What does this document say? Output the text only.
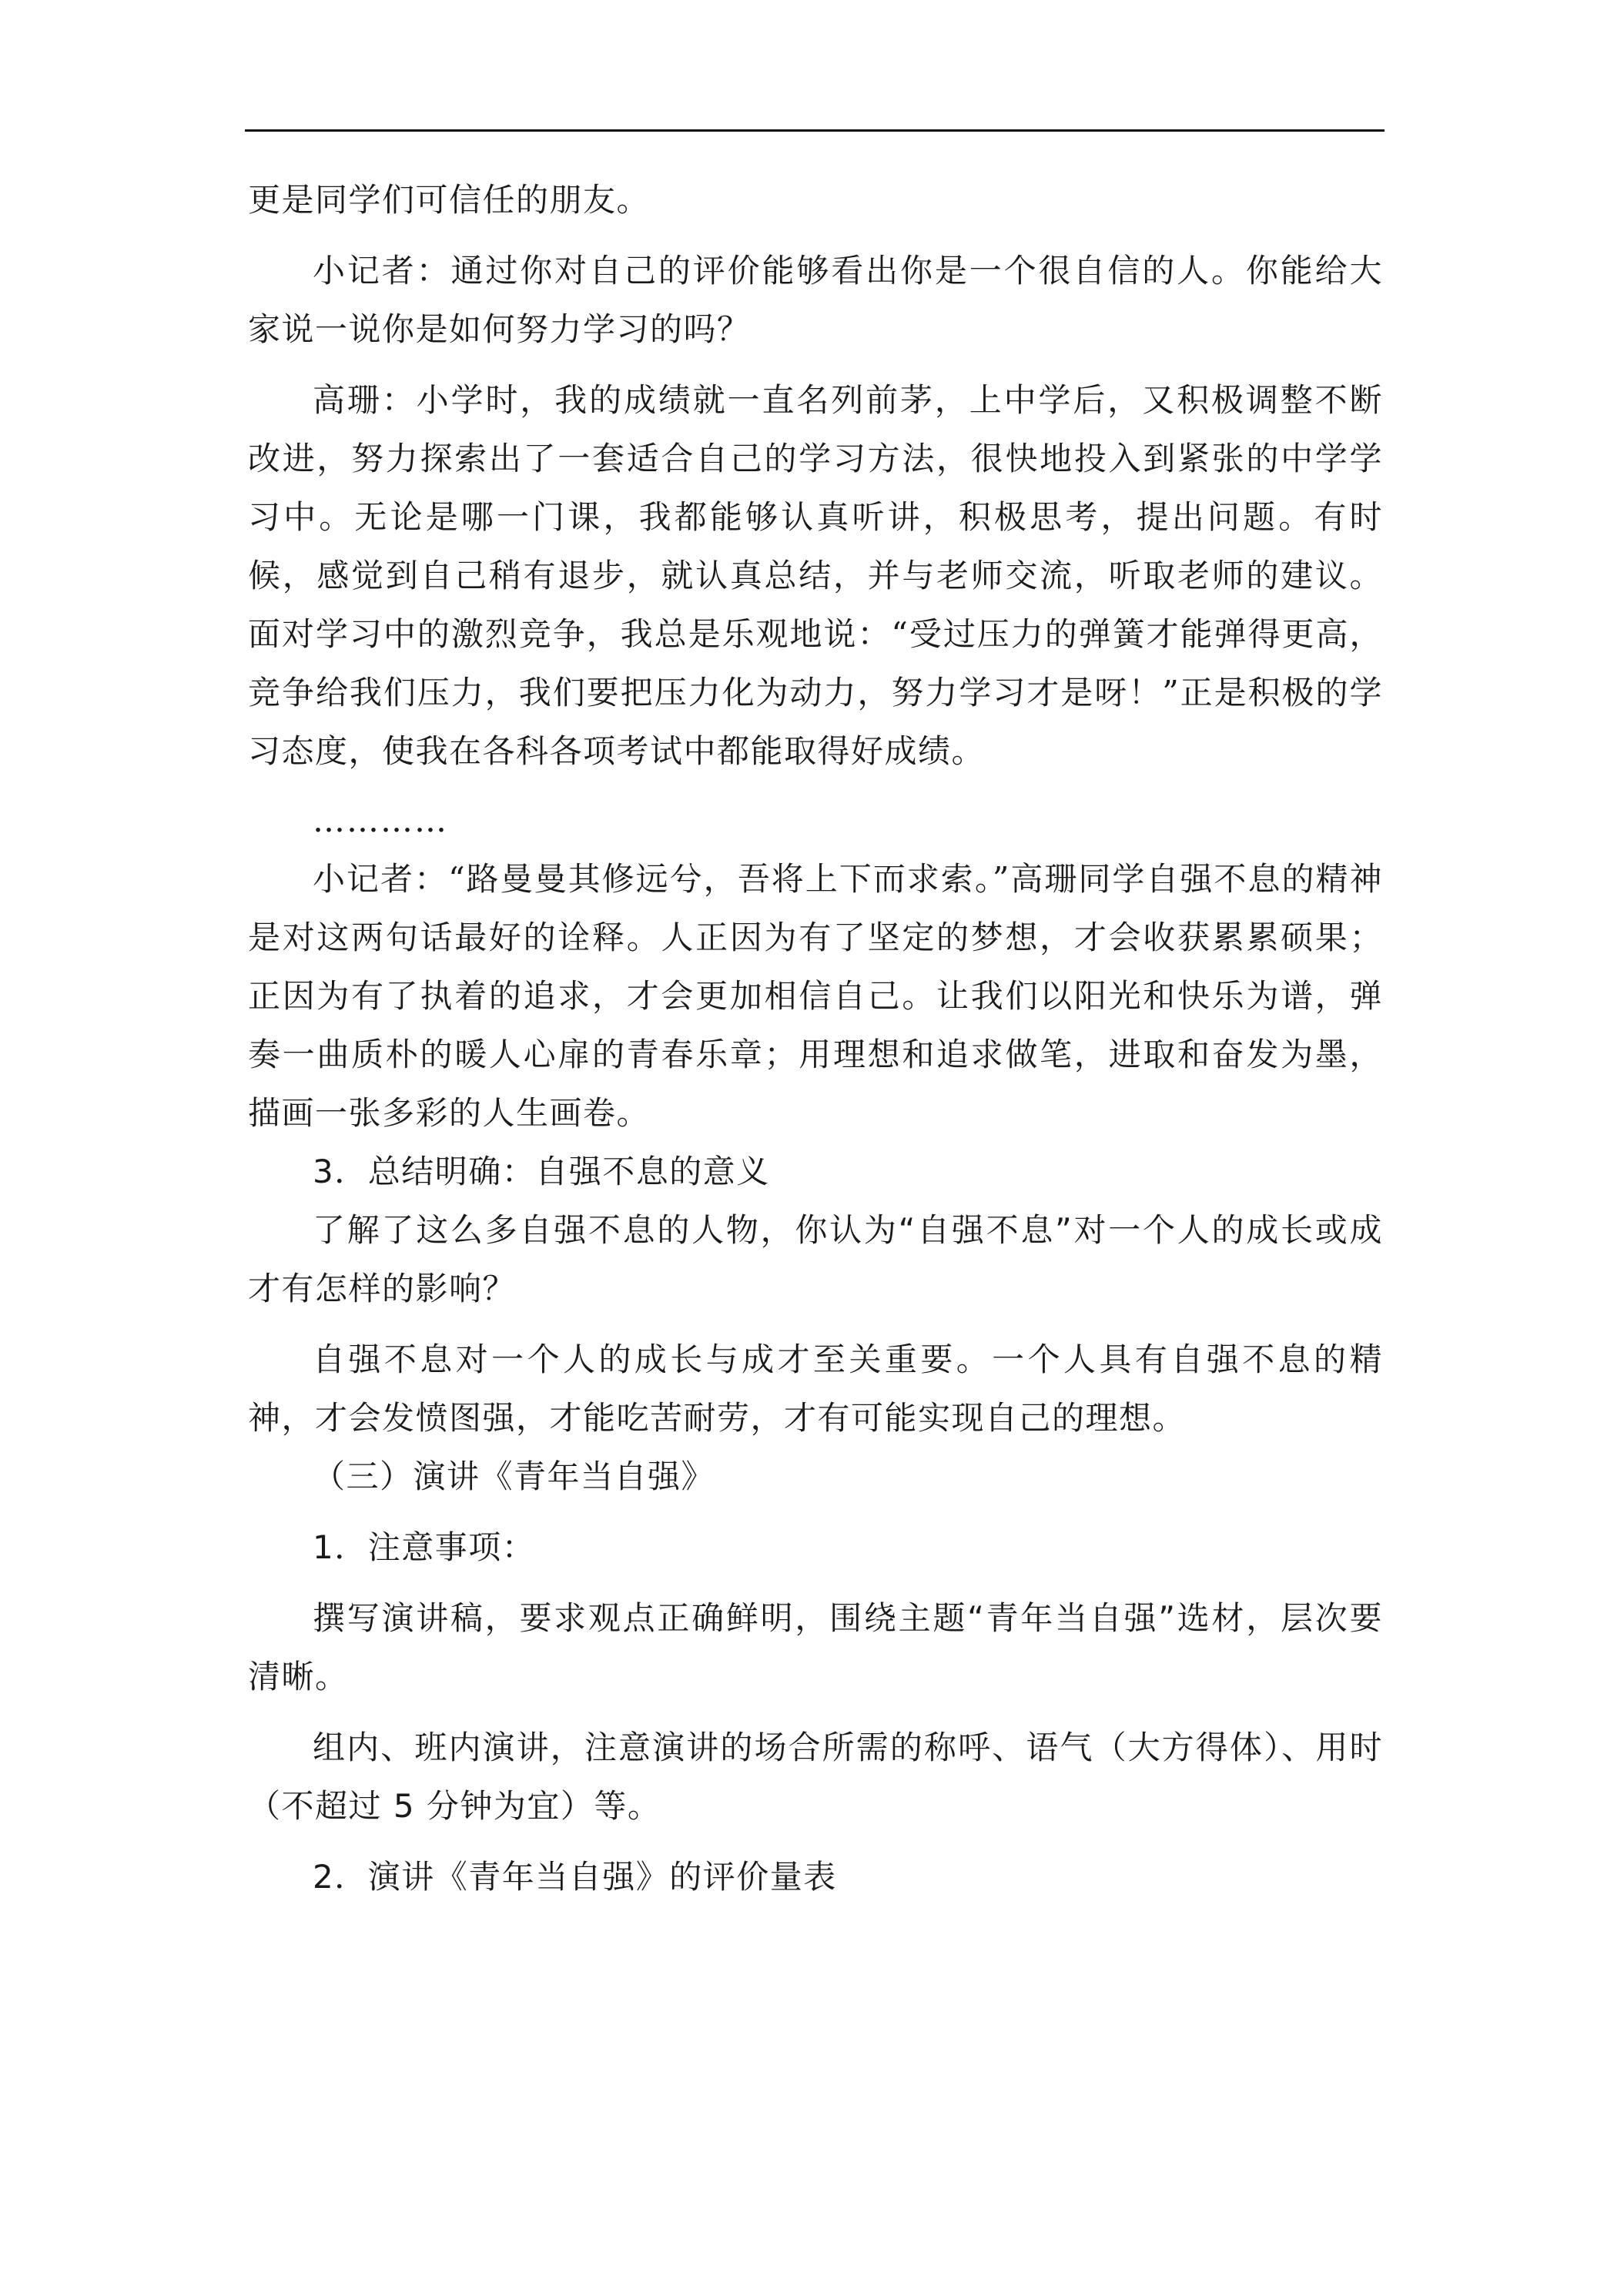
更是同学们可信任的朋友。

小记者：通过你对自己的评价能够看出你是一个很自信的人。你能给大家说一说你是如何努力学习的吗？

高珊：小学时，我的成绩就一直名列前茅，上中学后，又积极调整不断改进，努力探索出了一套适合自己的学习方法，很快地投入到紧张的中学学习中。无论是哪一门课，我都能够认真听讲，积极思考，提出问题。有时候，感觉到自己稍有退步，就认真总结，并与老师交流，听取老师的建议。面对学习中的激烈竞争，我总是乐观地说：“受过压力的弹簧才能弹得更高，竞争给我们压力，我们要把压力化为动力，努力学习才是呀！”正是积极的学习态度，使我在各科各项考试中都能取得好成绩。

…………

小记者：“路曼曼其修远兮，吾将上下而求索。”高珊同学自强不息的精神是对这两句话最好的诠释。人正因为有了坚定的梦想，才会收获累累硕果；正因为有了执着的追求，才会更加相信自己。让我们以阳光和快乐为谱，弹奏一曲质朴的暖人心扉的青春乐章；用理想和追求做笔，进取和奋发为墨，描画一张多彩的人生画卷。

3．总结明确：自强不息的意义

了解了这么多自强不息的人物，你认为“自强不息”对一个人的成长或成才有怎样的影响？

自强不息对一个人的成长与成才至关重要。一个人具有自强不息的精神，才会发愤图强，才能吃苦耐劳，才有可能实现自己的理想。

（三）演讲《青年当自强》

1．注意事项：

撰写演讲稿，要求观点正确鲜明，围绕主题“青年当自强”选材，层次要清晰。

组内、班内演讲，注意演讲的场合所需的称呼、语气（大方得体）、用时（不超过 5 分钟为宜）等。

2．演讲《青年当自强》的评价量表
